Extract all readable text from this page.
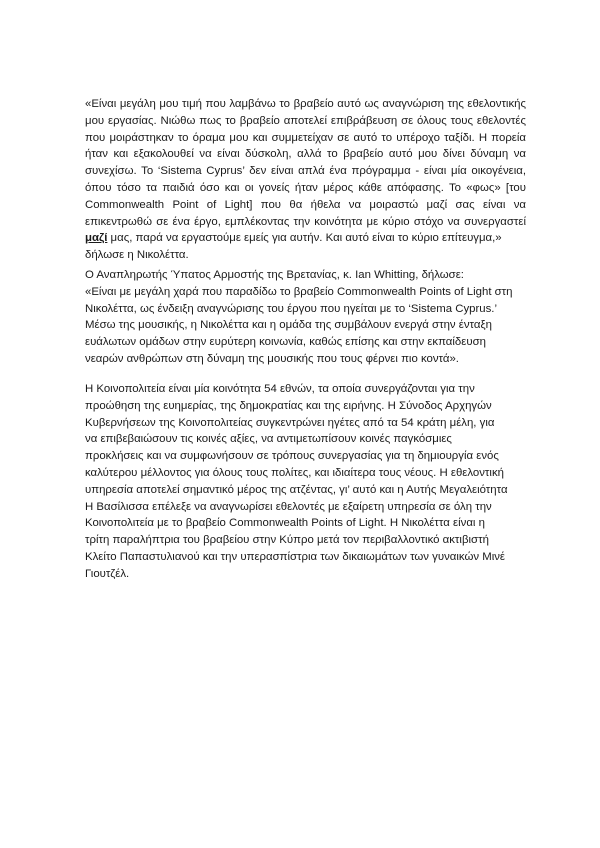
«Είναι μεγάλη μου τιμή που λαμβάνω το βραβείο αυτό ως αναγνώριση της εθελοντικής
μου εργασίας. Νιώθω πως το βραβείο αποτελεί επιβράβευση σε όλους τους εθελοντές
που μοιράστηκαν το όραμα μου και συμμετείχαν σε αυτό το υπέροχο ταξίδι. Η πορεία
ήταν και εξακολουθεί να είναι δύσκολη, αλλά το βραβείο αυτό μου δίνει δύναμη να
συνεχίσω. Το ‘Sistema Cyprus’ δεν είναι απλά ένα πρόγραμμα - είναι μία οικογένεια,
όπου τόσο τα παιδιά όσο και οι γονείς ήταν μέρος κάθε απόφασης. Το «φως» [του
Commonwealth Point of Light] που θα ήθελα να μοιραστώ μαζί σας είναι να
επικεντρωθώ σε ένα έργο, εμπλέκοντας την κοινότητα με κύριο στόχο να συνεργαστεί
μαζί μας, παρά να εργαστούμε εμείς για αυτήν. Και αυτό είναι το κύριο επίτευγμα,»
δήλωσε η Νικολέττα.
Ο Αναπληρωτής Ύπατος Αρμοστής της Βρετανίας, κ. Ian Whitting, δήλωσε:
«Είναι με μεγάλη χαρά που παραδίδω το βραβείο Commonwealth Points of Light στη
Νικολέττα, ως ένδειξη αναγνώρισης του έργου που ηγείται με το ‘Sistema Cyprus.’
Μέσω της μουσικής, η Νικολέττα και η ομάδα της συμβάλουν ενεργά στην ένταξη
ευάλωτων ομάδων στην ευρύτερη κοινωνία, καθώς επίσης και στην εκπαίδευση
νεαρών ανθρώπων στη δύναμη της μουσικής που τους φέρνει πιο κοντά».
Η Κοινοπολιτεία είναι μία κοινότητα 54 εθνών, τα οποία συνεργάζονται για την
προώθηση της ευημερίας, της δημοκρατίας και της ειρήνης. Η Σύνοδος Αρχηγών
Κυβερνήσεων της Κοινοπολιτείας συγκεντρώνει ηγέτες από τα 54 κράτη μέλη, για
να επιβεβαιώσουν τις κοινές αξίες, να αντιμετωπίσουν κοινές παγκόσμιες
προκλήσεις και να συμφωνήσουν σε τρόπους συνεργασίας για τη δημιουργία ενός
καλύτερου μέλλοντος για όλους τους πολίτες, και ιδιαίτερα τους νέους. Η εθελοντική
υπηρεσία αποτελεί σημαντικό μέρος της ατζέντας, γι’ αυτό και η Αυτής Μεγαλειότητα
Η Βασίλισσα επέλεξε να αναγνωρίσει εθελοντές με εξαίρετη υπηρεσία σε όλη την
Κοινοπολιτεία με το βραβείο Commonwealth Points of Light. Η Νικολέττα είναι η
τρίτη παραλήπτρια του βραβείου στην Κύπρο μετά τον περιβαλλοντικό ακτιβιστή
Κλείτο Παπαστυλιανού και την υπερασπίστρια των δικαιωμάτων των γυναικών Μινέ
Γιουτζέλ.
